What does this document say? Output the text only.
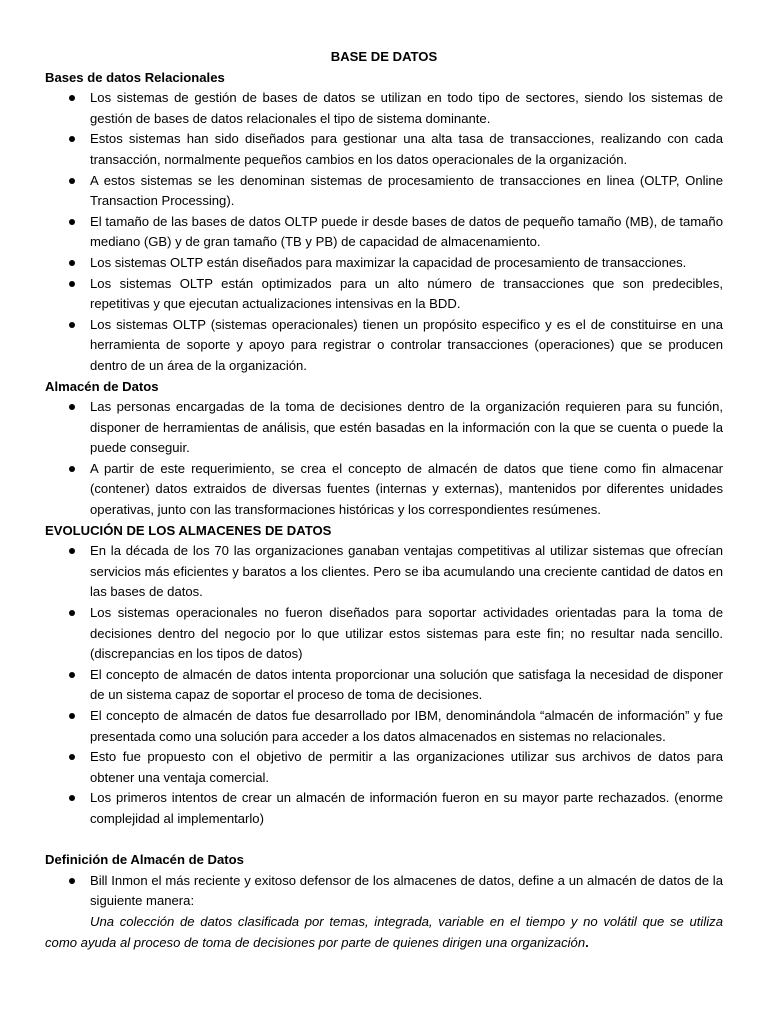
BASE DE DATOS

Bases de datos Relacionales

Los sistemas de gestión de bases de datos se utilizan en todo tipo de sectores, siendo los sistemas de gestión de bases de datos relacionales el tipo de sistema dominante.
Estos sistemas han sido diseñados para gestionar una alta tasa de transacciones, realizando con cada transacción, normalmente pequeños cambios en los datos operacionales de la organización.
A estos sistemas se les denominan sistemas de procesamiento de transacciones en linea (OLTP, Online Transaction Processing).
El tamaño de las bases de datos OLTP puede ir desde bases de datos de pequeño tamaño (MB), de tamaño mediano (GB) y de gran tamaño (TB y PB) de capacidad de almacenamiento.
Los sistemas OLTP están diseñados para maximizar la capacidad de procesamiento de transacciones.
Los sistemas OLTP están optimizados para un alto número de transacciones que son predecibles, repetitivas y que ejecutan actualizaciones intensivas en la BDD.
Los sistemas OLTP (sistemas operacionales) tienen un propósito especifico y es el de constituirse en una herramienta de soporte y apoyo para registrar o controlar transacciones (operaciones) que se producen dentro de un área de la organización.

Almacén de Datos

Las personas encargadas de la toma de decisiones dentro de la organización requieren para su función, disponer de herramientas de análisis, que estén basadas en la información con la que se cuenta o puede la puede conseguir.
A partir de este requerimiento, se crea el concepto de almacén de datos que tiene como fin almacenar (contener) datos extraidos de diversas fuentes (internas y externas), mantenidos por diferentes unidades operativas, junto con las transformaciones históricas y los correspondientes resúmenes.

EVOLUCIÓN DE LOS ALMACENES DE DATOS

En la década de los 70 las organizaciones ganaban ventajas competitivas al utilizar sistemas que ofrecían servicios más eficientes y baratos a los clientes. Pero se iba acumulando una creciente cantidad de datos en las bases de datos.
Los sistemas operacionales no fueron diseñados para soportar actividades orientadas para la toma de decisiones dentro del negocio por lo que utilizar estos sistemas para este fin; no resultar nada sencillo. (discrepancias en los tipos de datos)
El concepto de almacén de datos intenta proporcionar una solución que satisfaga la necesidad de disponer de un sistema capaz de soportar el proceso de toma de decisiones.
El concepto de almacén de datos fue desarrollado por IBM, denominándola “almacén de información” y fue presentada como una solución para acceder a los datos almacenados en sistemas no relacionales.
Esto fue propuesto con el objetivo de permitir a las organizaciones utilizar sus archivos de datos para obtener una ventaja comercial.
Los primeros intentos de crear un almacén de información fueron en su mayor parte rechazados. (enorme complejidad al implementarlo)

Definición de Almacén de Datos

Bill Inmon el más reciente y exitoso defensor de los almacenes de datos, define a un almacén de datos de la siguiente manera:

Una colección de datos clasificada por temas, integrada, variable en el tiempo y no volátil que se utiliza como ayuda al proceso de toma de decisiones por parte de quienes dirigen una organización.
